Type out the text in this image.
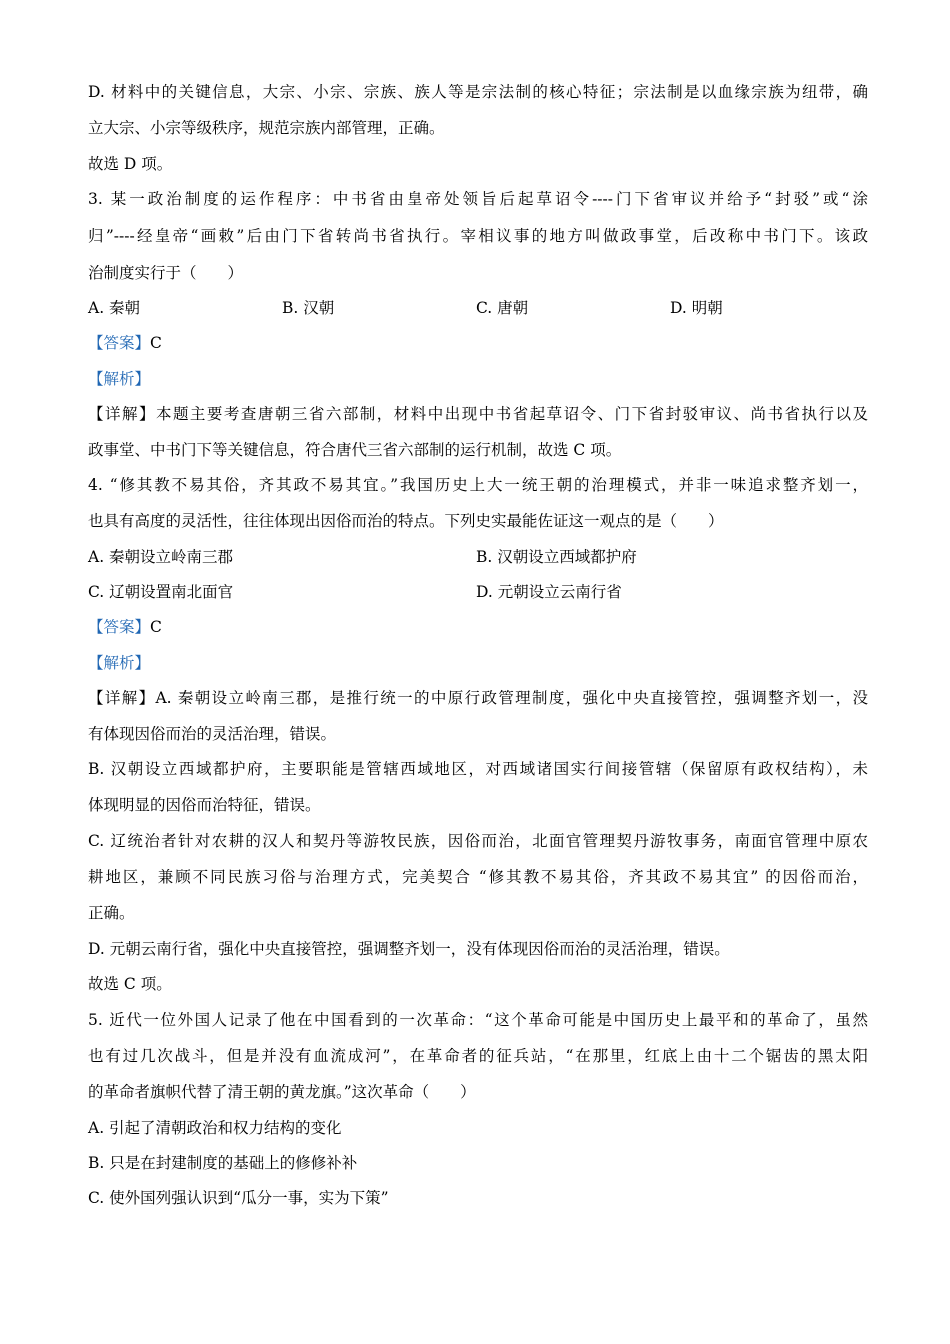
D. 材料中的关键信息，大宗、小宗、宗族、族人等是宗法制的核心特征；宗法制是以血缘宗族为纽带，确
立大宗、小宗等级秩序，规范宗族内部管理，正确。
故选 D 项。
3. 某一政治制度的运作程序：中书省由皇帝处领旨后起草诏令----门下省审议并给予“封驳”或“涂
归”----经皇帝“画敕”后由门下省转尚书省执行。宰相议事的地方叫做政事堂，后改称中书门下。该政
治制度实行于（　　）
A. 秦朝	B. 汉朝	C. 唐朝	D. 明朝
【答案】C
【解析】
【详解】本题主要考查唐朝三省六部制，材料中出现中书省起草诏令、门下省封驳审议、尚书省执行以及
政事堂、中书门下等关键信息，符合唐代三省六部制的运行机制，故选 C 项。
4. “修其教不易其俗，齐其政不易其宜。”我国历史上大一统王朝的治理模式，并非一味追求整齐划一，
也具有高度的灵活性，往往体现出因俗而治的特点。下列史实最能佐证这一观点的是（　　）
A. 秦朝设立岭南三郡	B. 汉朝设立西域都护府
C. 辽朝设置南北面官	D. 元朝设立云南行省
【答案】C
【解析】
【详解】A. 秦朝设立岭南三郡，是推行统一的中原行政管理制度，强化中央直接管控，强调整齐划一，没
有体现因俗而治的灵活治理，错误。
B. 汉朝设立西域都护府，主要职能是管辖西域地区，对西域诸国实行间接管辖（保留原有政权结构），未
体现明显的因俗而治特征，错误。
C. 辽统治者针对农耕的汉人和契丹等游牧民族，因俗而治，北面官管理契丹游牧事务，南面官管理中原农
耕地区，兼顾不同民族习俗与治理方式，完美契合 “修其教不易其俗，齐其政不易其宜” 的因俗而治，
正确。
D. 元朝云南行省，强化中央直接管控，强调整齐划一，没有体现因俗而治的灵活治理，错误。
故选 C 项。
5. 近代一位外国人记录了他在中国看到的一次革命：“这个革命可能是中国历史上最平和的革命了，虽然
也有过几次战斗，但是并没有血流成河”，在革命者的征兵站，“在那里，红底上由十二个锯齿的黑太阳
的革命者旗帜代替了清王朝的黄龙旗。”这次革命（　　）
A. 引起了清朝政治和权力结构的变化
B. 只是在封建制度的基础上的修修补补
C. 使外国列强认识到“瓜分一事，实为下策”
